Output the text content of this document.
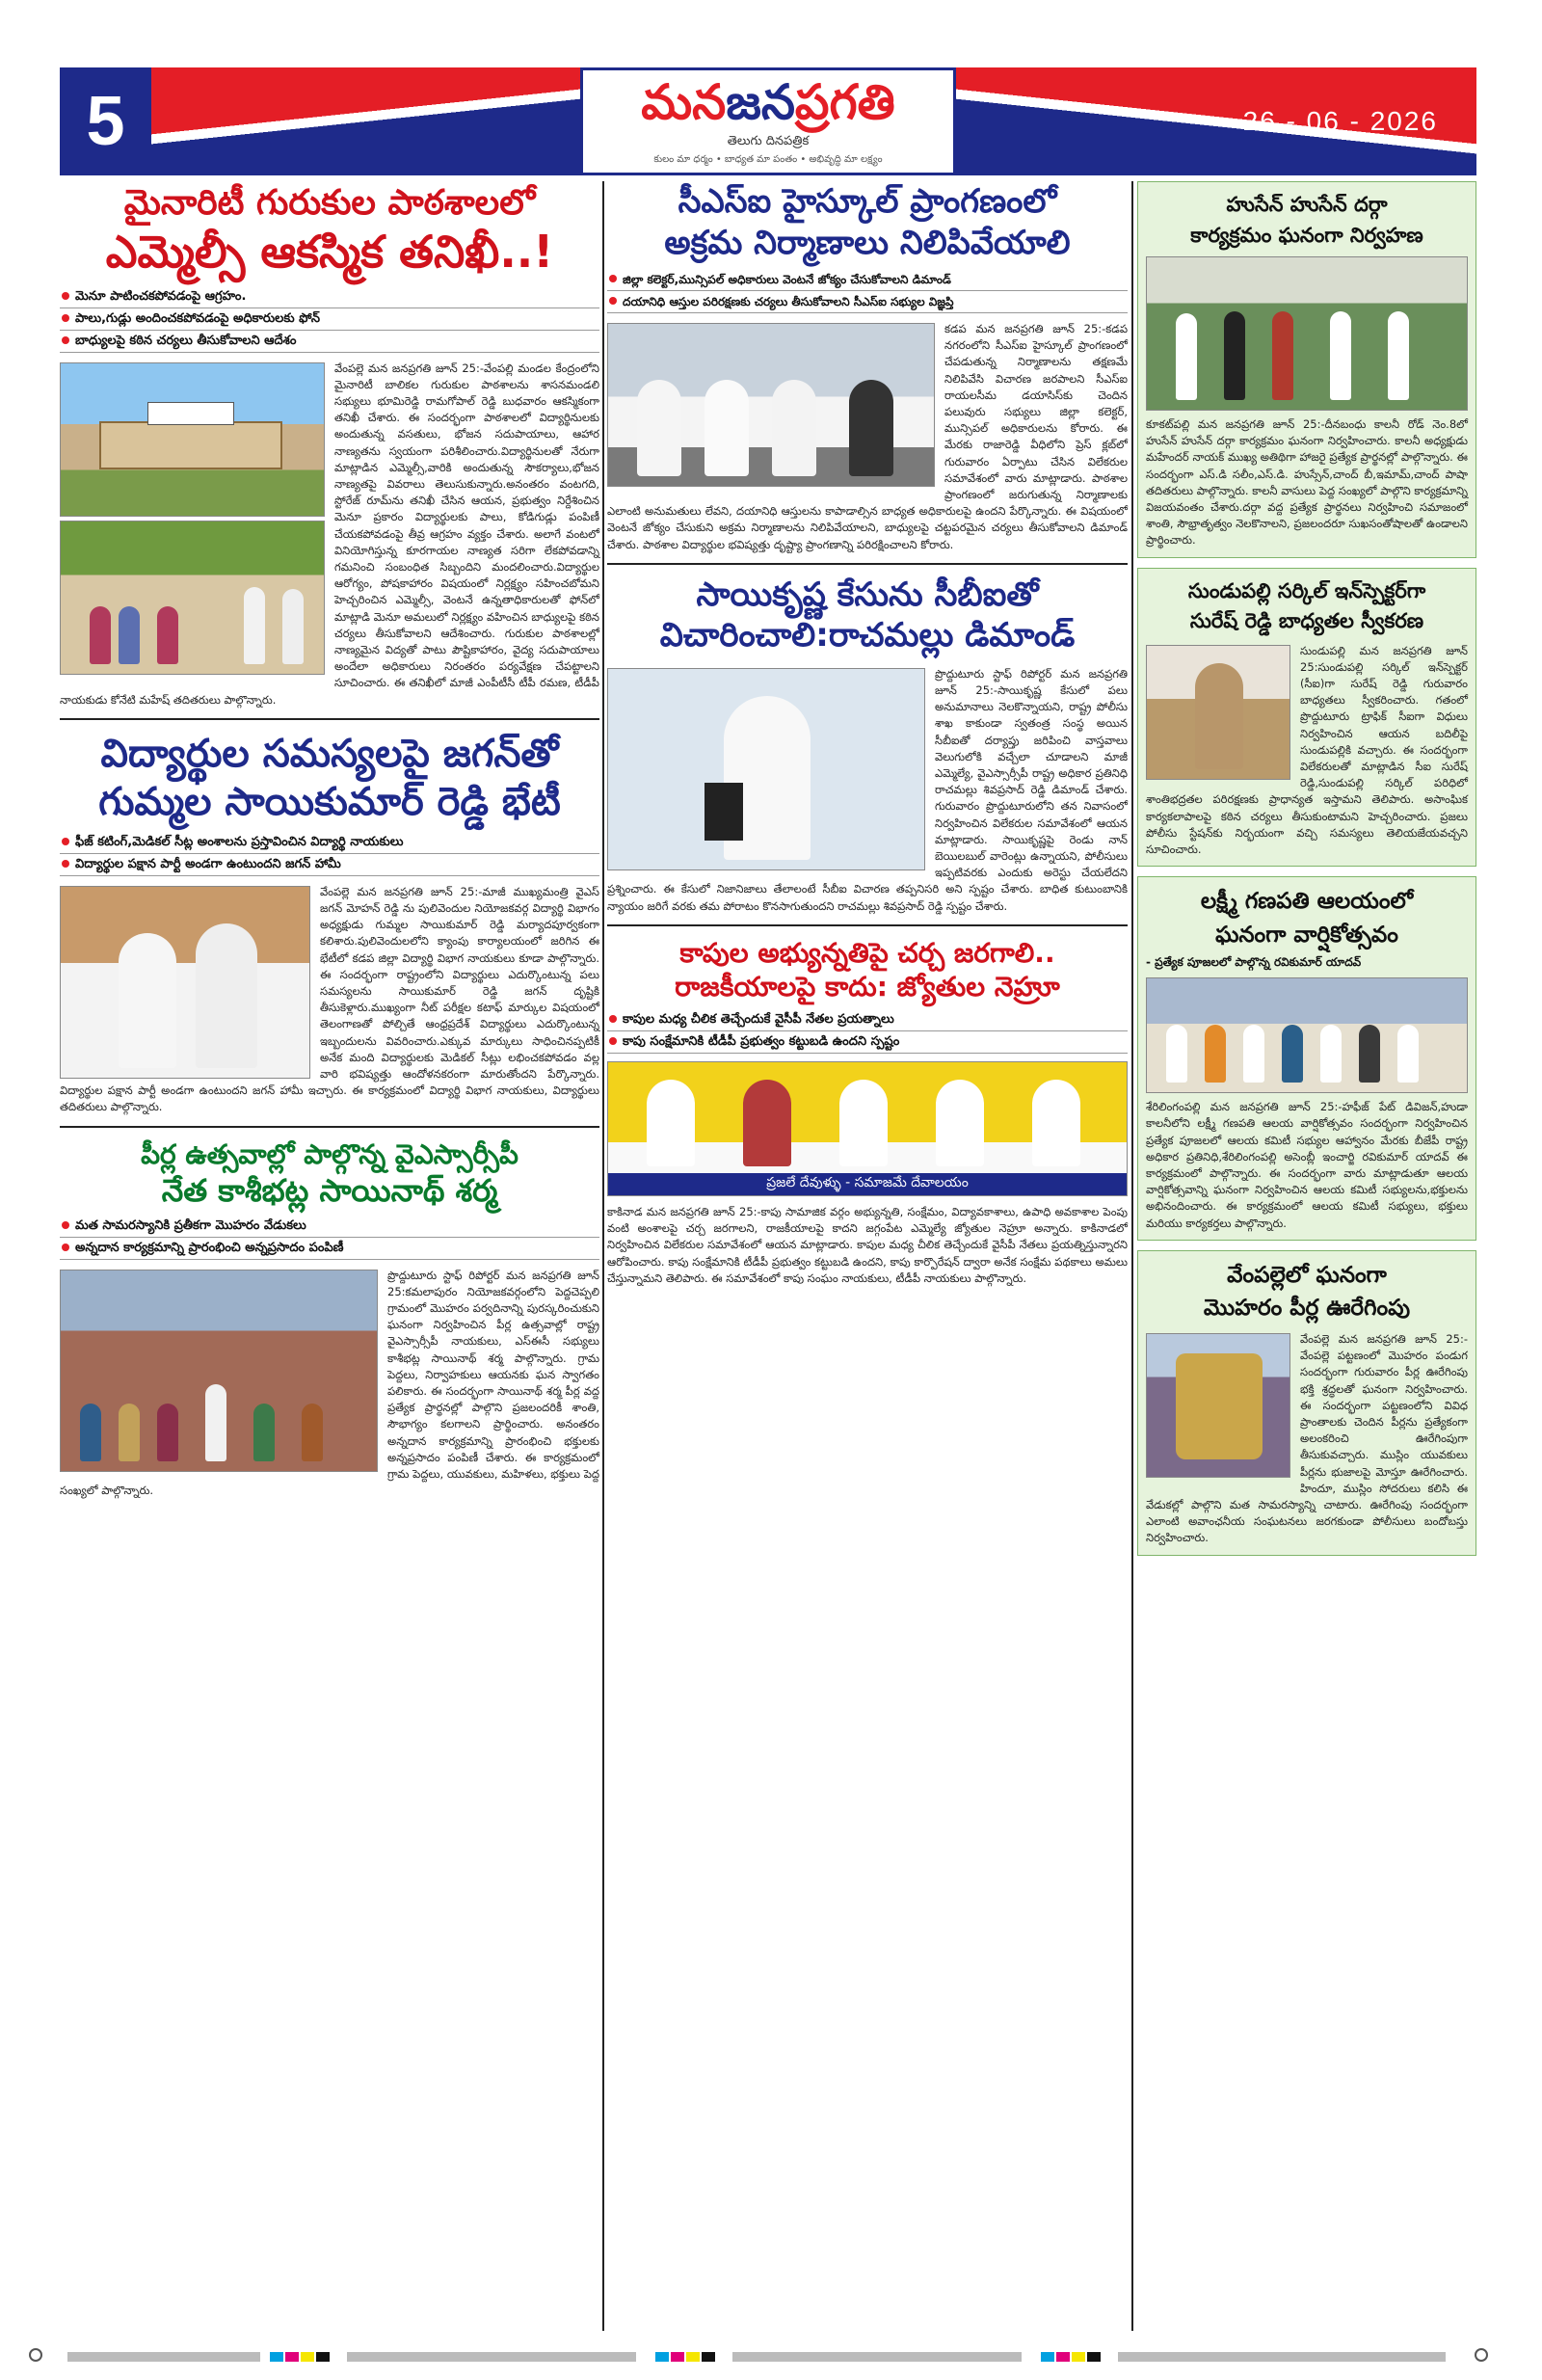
5	మనజనప్రగతి
తెలుగు దినపత్రిక
కులం మా ధర్మం • బాధ్యత మా పంతం • అభివృద్ధి మా లక్ష్యం
26 - 06 - 2026
మైనారిటీ గురుకుల పాఠశాలలో
ఎమ్మెల్సీ ఆకస్మిక తనిఖీ..!
మెనూ పాటించకపోవడంపై ఆగ్రహం.
పాలు,గుడ్లు అందించకపోవడంపై అధికారులకు ఫోన్
బాధ్యులపై కఠిన చర్యలు తీసుకోవాలని ఆదేశం
వేంపల్లె మన జనప్రగతి జూన్ 25:-వేంపల్లి మండల కేంద్రంలోని మైనారిటీ బాలికల గురుకుల పాఠశాలను శాసనమండలి సభ్యులు భూమిరెడ్డి రామగోపాల్ రెడ్డి బుధవారం ఆకస్మికంగా తనిఖీ చేశారు. ఈ సందర్భంగా పాఠశాలలో విద్యార్థినులకు అందుతున్న వసతులు, భోజన సదుపాయాలు, ఆహార నాణ్యతను స్వయంగా పరిశీలించారు.విద్యార్థినులతో నేరుగా మాట్లాడిన ఎమ్మెల్సీ,వారికి అందుతున్న సౌకర్యాలు,భోజన నాణ్యతపై వివరాలు తెలుసుకున్నారు.అనంతరం వంటగది, స్టోరేజ్ రూమ్‌ను తనిఖీ చేసిన ఆయన, ప్రభుత్వం నిర్దేశించిన మెనూ ప్రకారం విద్యార్థులకు పాలు, కోడిగుడ్లు పంపిణీ చేయకపోవడంపై తీవ్ర ఆగ్రహం వ్యక్తం చేశారు. అలాగే వంటలో వినియోగిస్తున్న కూరగాయల నాణ్యత సరిగా లేకపోవడాన్ని గమనించి సంబంధిత సిబ్బందిని మందలించారు.విద్యార్థుల ఆరోగ్యం, పోషకాహారం విషయంలో నిర్లక్ష్యం సహించబోమని హెచ్చరించిన ఎమ్మెల్సీ, వెంటనే ఉన్నతాధికారులతో ఫోన్‌లో మాట్లాడి మెనూ అమలులో నిర్లక్ష్యం వహించిన బాధ్యులపై కఠిన చర్యలు తీసుకోవాలని ఆదేశించారు. గురుకుల పాఠశాలల్లో నాణ్యమైన విద్యతో పాటు పౌష్టికాహారం, వైద్య సదుపాయాలు అందేలా అధికారులు నిరంతరం పర్యవేక్షణ చేపట్టాలని సూచించారు. ఈ తనిఖీలో మాజీ ఎంపీటీసీ టీపీ రమణ, టీడీపీ నాయకుడు కోనేటి మహేష్ తదితరులు పాల్గొన్నారు.
విద్యార్థుల సమస్యలపై జగన్‌తో
గుమ్మల సాయికుమార్ రెడ్డి భేటీ
ఫీజ్ కటింగ్,మెడికల్ సీట్ల అంశాలను ప్రస్తావించిన విద్యార్థి నాయకులు
విద్యార్థుల పక్షాన పార్టీ అండగా ఉంటుందని జగన్ హామీ
వేంపల్లె మన జనప్రగతి జూన్ 25:-మాజీ ముఖ్యమంత్రి వైఎస్ జగన్ మోహన్ రెడ్డి ను పులివెందుల నియోజకవర్గ విద్యార్థి విభాగం అధ్యక్షుడు గుమ్మల సాయికుమార్ రెడ్డి మర్యాదపూర్వకంగా కలిశారు.పులివెందులలోని క్యాంపు కార్యాలయంలో జరిగిన ఈ భేటీలో కడప జిల్లా విద్యార్థి విభాగ నాయకులు కూడా పాల్గొన్నారు. ఈ సందర్భంగా రాష్ట్రంలోని విద్యార్థులు ఎదుర్కొంటున్న పలు సమస్యలను సాయికుమార్ రెడ్డి జగన్ దృష్టికి తీసుకెళ్లారు.ముఖ్యంగా నీట్ పరీక్షల కటాఫ్ మార్కుల విషయంలో తెలంగాణతో పోల్చితే ఆంధ్రప్రదేశ్ విద్యార్థులు ఎదుర్కొంటున్న ఇబ్బందులను వివరించారు.ఎక్కువ మార్కులు సాధించినప్పటికీ అనేక మంది విద్యార్థులకు మెడికల్ సీట్లు లభించకపోవడం వల్ల వారి భవిష్యత్తు ఆందోళనకరంగా మారుతోందని పేర్కొన్నారు. విద్యార్థుల పక్షాన పార్టీ అండగా ఉంటుందని జగన్ హామీ ఇచ్చారు. ఈ కార్యక్రమంలో విద్యార్థి విభాగ నాయకులు, విద్యార్థులు తదితరులు పాల్గొన్నారు.
పీర్ల ఉత్సవాల్లో పాల్గొన్న వైఎస్సార్సీపీ
నేత కాశీభట్ల సాయినాథ్ శర్మ
మత సామరస్యానికి ప్రతీకగా మొహరం వేడుకలు
అన్నదాన కార్యక్రమాన్ని ప్రారంభించి అన్నప్రసాదం పంపిణీ
ప్రొద్దుటూరు స్టాఫ్ రిపోర్టర్ మన జనప్రగతి జూన్ 25:కమలాపురం నియోజకవర్గంలోని పెద్దచెప్పలి గ్రామంలో మొహరం పర్వదినాన్ని పురస్కరించుకుని ఘనంగా నిర్వహించిన పీర్ల ఉత్సవాల్లో రాష్ట్ర వైఎస్సార్సీపీ నాయకులు, ఎస్ఈసీ సభ్యులు కాశీభట్ల సాయినాథ్ శర్మ పాల్గొన్నారు. గ్రామ పెద్దలు, నిర్వాహకులు ఆయనకు ఘన స్వాగతం పలికారు. ఈ సందర్భంగా సాయినాథ్ శర్మ పీర్ల వద్ద ప్రత్యేక ప్రార్థనల్లో పాల్గొని ప్రజలందరికీ శాంతి, సౌభాగ్యం కలగాలని ప్రార్థించారు. అనంతరం అన్నదాన కార్యక్రమాన్ని ప్రారంభించి భక్తులకు అన్నప్రసాదం పంపిణీ చేశారు. ఈ కార్యక్రమంలో గ్రామ పెద్దలు, యువకులు, మహిళలు, భక్తులు పెద్ద సంఖ్యలో పాల్గొన్నారు.
సీఎస్ఐ హైస్కూల్ ప్రాంగణంలో
అక్రమ నిర్మాణాలు నిలిపివేయాలి
జిల్లా కలెక్టర్,మున్సిపల్ అధికారులు వెంటనే జోక్యం చేసుకోవాలని డిమాండ్
దయానిధి ఆస్తుల పరిరక్షణకు చర్యలు తీసుకోవాలని సీఎస్ఐ సభ్యుల విజ్ఞప్తి
కడప మన జనప్రగతి జూన్ 25:-కడప నగరంలోని సీఎస్ఐ హైస్కూల్ ప్రాంగణంలో చేపడుతున్న నిర్మాణాలను తక్షణమే నిలిపివేసి విచారణ జరపాలని సీఎస్ఐ రాయలసీమ డయాసిస్‌కు చెందిన పలువురు సభ్యులు జిల్లా కలెక్టర్, మున్సిపల్ అధికారులను కోరారు. ఈ మేరకు రాజారెడ్డి వీధిలోని ప్రెస్ క్లబ్‌లో గురువారం ఏర్పాటు చేసిన విలేకరుల సమావేశంలో వారు మాట్లాడారు. పాఠశాల ప్రాంగణంలో జరుగుతున్న నిర్మాణాలకు ఎలాంటి అనుమతులు లేవని, దయానిధి ఆస్తులను కాపాడాల్సిన బాధ్యత అధికారులపై ఉందని పేర్కొన్నారు. ఈ విషయంలో వెంటనే జోక్యం చేసుకుని అక్రమ నిర్మాణాలను నిలిపివేయాలని, బాధ్యులపై చట్టపరమైన చర్యలు తీసుకోవాలని డిమాండ్ చేశారు. పాఠశాల విద్యార్థుల భవిష్యత్తు దృష్ట్యా ప్రాంగణాన్ని పరిరక్షించాలని కోరారు.
సాయికృష్ణ కేసును సీబీఐతో
విచారించాలి:రాచమల్లు డిమాండ్
ప్రొద్దుటూరు స్టాఫ్ రిపోర్టర్ మన జనప్రగతి జూన్ 25:-సాయికృష్ణ కేసులో పలు అనుమానాలు నెలకొన్నాయని, రాష్ట్ర పోలీసు శాఖ కాకుండా స్వతంత్ర సంస్థ అయిన సీబీఐతో దర్యాప్తు జరిపించి వాస్తవాలు వెలుగులోకి వచ్చేలా చూడాలని మాజీ ఎమ్మెల్యే, వైఎస్సార్సీపీ రాష్ట్ర అధికార ప్రతినిధి రాచమల్లు శివప్రసాద్ రెడ్డి డిమాండ్ చేశారు. గురువారం ప్రొద్దుటూరులోని తన నివాసంలో నిర్వహించిన విలేకరుల సమావేశంలో ఆయన మాట్లాడారు. సాయికృష్ణపై రెండు నాన్ బెయిలబుల్ వారెంట్లు ఉన్నాయని, పోలీసులు ఇప్పటివరకు ఎందుకు అరెస్టు చేయలేదని ప్రశ్నించారు. ఈ కేసులో నిజానిజాలు తేలాలంటే సీబీఐ విచారణ తప్పనిసరి అని స్పష్టం చేశారు. బాధిత కుటుంబానికి న్యాయం జరిగే వరకు తమ పోరాటం కొనసాగుతుందని రాచమల్లు శివప్రసాద్ రెడ్డి స్పష్టం చేశారు.
కాపుల అభ్యున్నతిపై చర్చ జరగాలి..
రాజకీయాలపై కాదు: జ్యోతుల నెహ్రూ
కాపుల మధ్య చీలిక తెచ్చేందుకే వైసీపీ నేతల ప్రయత్నాలు
కాపు సంక్షేమానికి టీడీపీ ప్రభుత్వం కట్టుబడి ఉందని స్పష్టం
ప్రజలే దేవుళ్ళు - సమాజమే దేవాలయం
కాకినాడ మన జనప్రగతి జూన్ 25:-కాపు సామాజిక వర్గం అభ్యున్నతి, సంక్షేమం, విద్యావకాశాలు, ఉపాధి అవకాశాల పెంపు వంటి అంశాలపై చర్చ జరగాలని, రాజకీయాలపై కాదని జగ్గంపేట ఎమ్మెల్యే జ్యోతుల నెహ్రూ అన్నారు. కాకినాడలో నిర్వహించిన విలేకరుల సమావేశంలో ఆయన మాట్లాడారు. కాపుల మధ్య చీలిక తెచ్చేందుకే వైసీపీ నేతలు ప్రయత్నిస్తున్నారని ఆరోపించారు. కాపు సంక్షేమానికి టీడీపీ ప్రభుత్వం కట్టుబడి ఉందని, కాపు కార్పొరేషన్ ద్వారా అనేక సంక్షేమ పథకాలు అమలు చేస్తున్నామని తెలిపారు. ఈ సమావేశంలో కాపు సంఘం నాయకులు, టీడీపీ నాయకులు పాల్గొన్నారు.
హుసేన్ హుసేన్ దర్గా
కార్యక్రమం ఘనంగా నిర్వహణ
కూకట్‌పల్లి మన జనప్రగతి జూన్ 25:-దీనబంధు కాలనీ రోడ్ నెం.8లో హుసేన్ హుసేన్ దర్గా కార్యక్రమం ఘనంగా నిర్వహించారు. కాలనీ అధ్యక్షుడు మహేందర్ నాయక్ ముఖ్య అతిథిగా హాజరై ప్రత్యేక ప్రార్థనల్లో పాల్గొన్నారు. ఈ సందర్భంగా ఎస్.డి సలీం,ఎస్.డి. హుస్సేన్,చాంద్ బీ,ఇమామ్,చాంద్ పాషా తదితరులు పాల్గొన్నారు. కాలనీ వాసులు పెద్ద సంఖ్యలో పాల్గొని కార్యక్రమాన్ని విజయవంతం చేశారు.దర్గా వద్ద ప్రత్యేక ప్రార్థనలు నిర్వహించి సమాజంలో శాంతి, సౌభ్రాతృత్వం నెలకొనాలని, ప్రజలందరూ సుఖసంతోషాలతో ఉండాలని ప్రార్థించారు.
సుండుపల్లి సర్కిల్ ఇన్‌స్పెక్టర్‌గా
సురేష్ రెడ్డి బాధ్యతల స్వీకరణ
సుండుపల్లి మన జనప్రగతి జూన్ 25:సుండుపల్లి సర్కిల్ ఇన్‌స్పెక్టర్ (సీఐ)గా సురేష్ రెడ్డి గురువారం బాధ్యతలు స్వీకరించారు. గతంలో ప్రొద్దుటూరు ట్రాఫిక్ సీఐగా విధులు నిర్వహించిన ఆయన బదిలీపై సుండుపల్లికి వచ్చారు. ఈ సందర్భంగా విలేకరులతో మాట్లాడిన సీఐ సురేష్ రెడ్డి,సుండుపల్లి సర్కిల్ పరిధిలో శాంతిభద్రతల పరిరక్షణకు ప్రాధాన్యత ఇస్తామని తెలిపారు. అసాంఘిక కార్యకలాపాలపై కఠిన చర్యలు తీసుకుంటామని హెచ్చరించారు. ప్రజలు పోలీసు స్టేషన్‌కు నిర్భయంగా వచ్చి సమస్యలు తెలియజేయవచ్చని సూచించారు.
లక్ష్మీ గణపతి ఆలయంలో
ఘనంగా వార్షికోత్సవం
- ప్రత్యేక పూజలలో పాల్గొన్న రవికుమార్ యాదవ్
శేరిలింగంపల్లి మన జనప్రగతి జూన్ 25:-హఫీజ్ పేట్ డివిజన్,హుడా కాలనీలోని లక్ష్మీ గణపతి ఆలయ వార్షికోత్సవం సందర్భంగా నిర్వహించిన ప్రత్యేక పూజలలో ఆలయ కమిటీ సభ్యుల ఆహ్వానం మేరకు బీజేపీ రాష్ట్ర అధికార ప్రతినిధి,శేరిలింగంపల్లి అసెంబ్లీ ఇంచార్జి రవికుమార్ యాదవ్ ఈ కార్యక్రమంలో పాల్గొన్నారు. ఈ సందర్భంగా వారు మాట్లాడుతూ ఆలయ వార్షికోత్సవాన్ని ఘనంగా నిర్వహించిన ఆలయ కమిటీ సభ్యులను,భక్తులను అభినందించారు. ఈ కార్యక్రమంలో ఆలయ కమిటీ సభ్యులు, భక్తులు మరియు కార్యకర్తలు పాల్గొన్నారు.
వేంపల్లెలో ఘనంగా
మొహరం పీర్ల ఊరేగింపు
వేంపల్లె మన జనప్రగతి జూన్ 25:-వేంపల్లె పట్టణంలో మొహరం పండుగ సందర్భంగా గురువారం పీర్ల ఊరేగింపు భక్తి శ్రద్ధలతో ఘనంగా నిర్వహించారు. ఈ సందర్భంగా పట్టణంలోని వివిధ ప్రాంతాలకు చెందిన పీర్లను ప్రత్యేకంగా అలంకరించి ఊరేగింపుగా తీసుకువచ్చారు. ముస్లిం యువకులు పీర్లను భుజాలపై మోస్తూ ఊరేగించారు. హిందూ, ముస్లిం సోదరులు కలిసి ఈ వేడుకల్లో పాల్గొని మత సామరస్యాన్ని చాటారు. ఊరేగింపు సందర్భంగా ఎలాంటి అవాంఛనీయ సంఘటనలు జరగకుండా పోలీసులు బందోబస్తు నిర్వహించారు.
